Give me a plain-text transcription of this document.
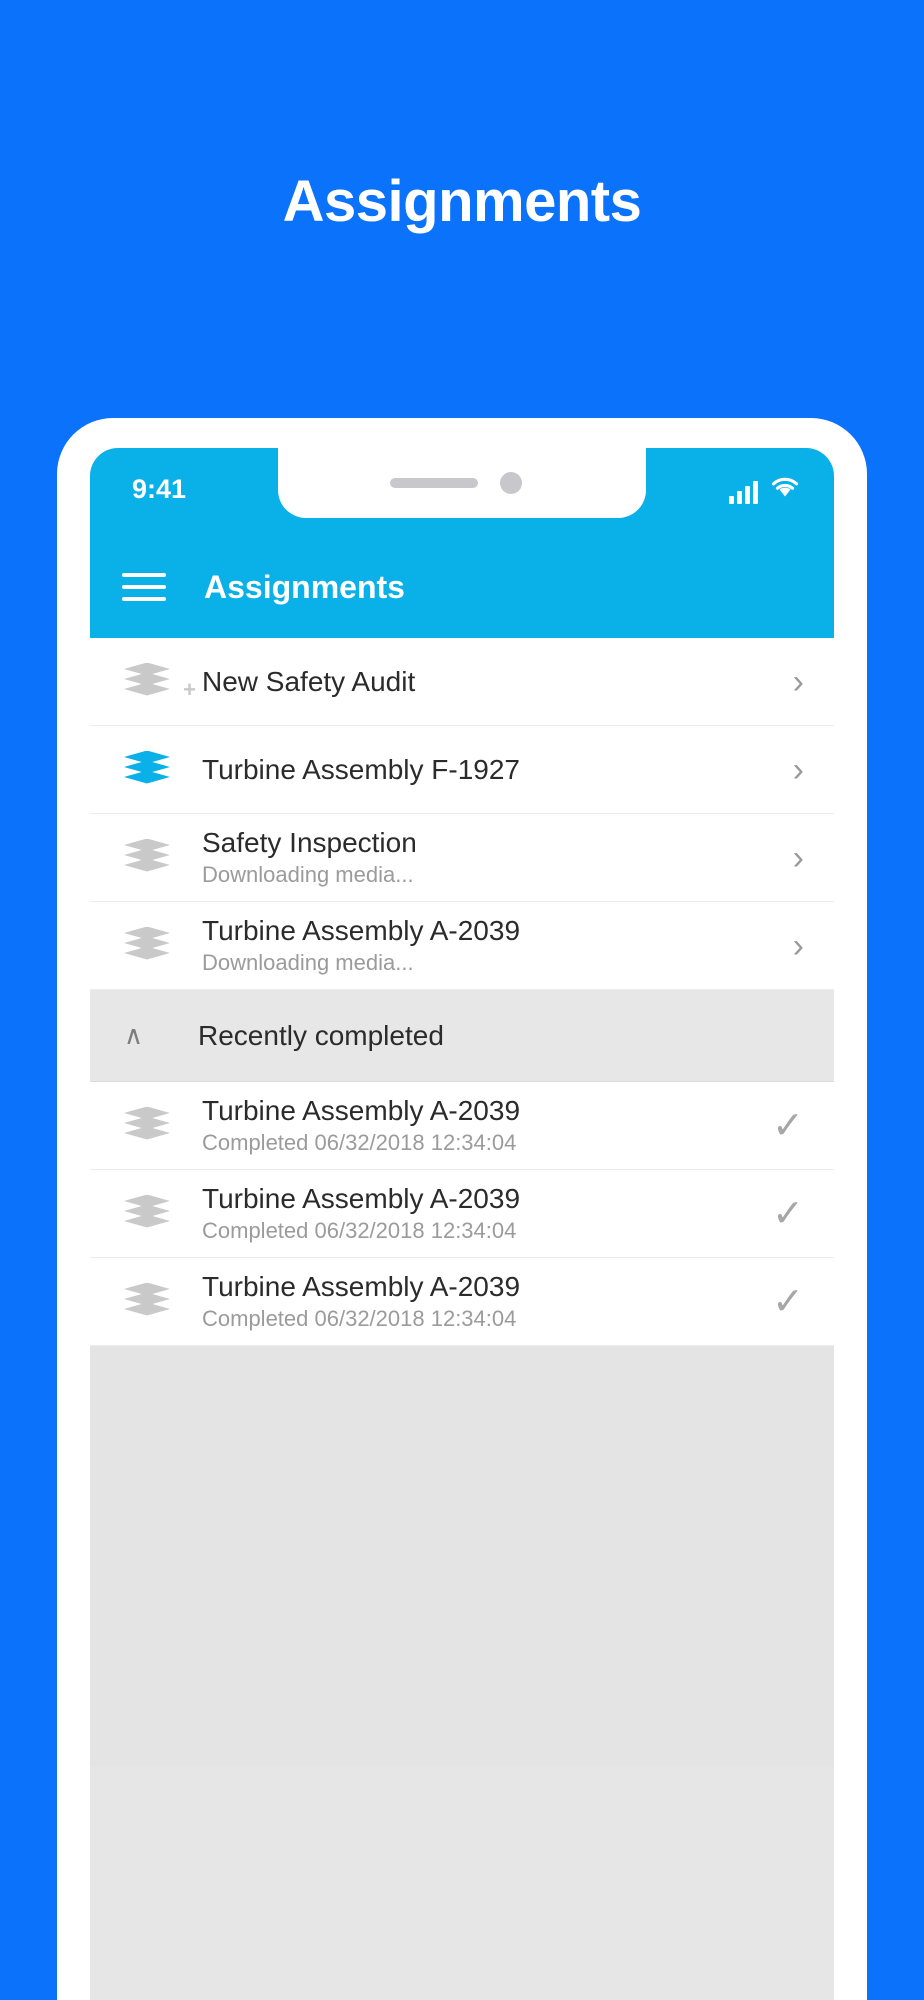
Assignments
9:41
Assignments
+ New Safety Audit	›
Turbine Assembly F-1927	›
Safety Inspection
Downloading media...	›
Turbine Assembly A-2039
Downloading media...	›
∧	Recently completed
Turbine Assembly A-2039
Completed 06/32/2018 12:34:04	✓
Turbine Assembly A-2039
Completed 06/32/2018 12:34:04	✓
Turbine Assembly A-2039
Completed 06/32/2018 12:34:04	✓
